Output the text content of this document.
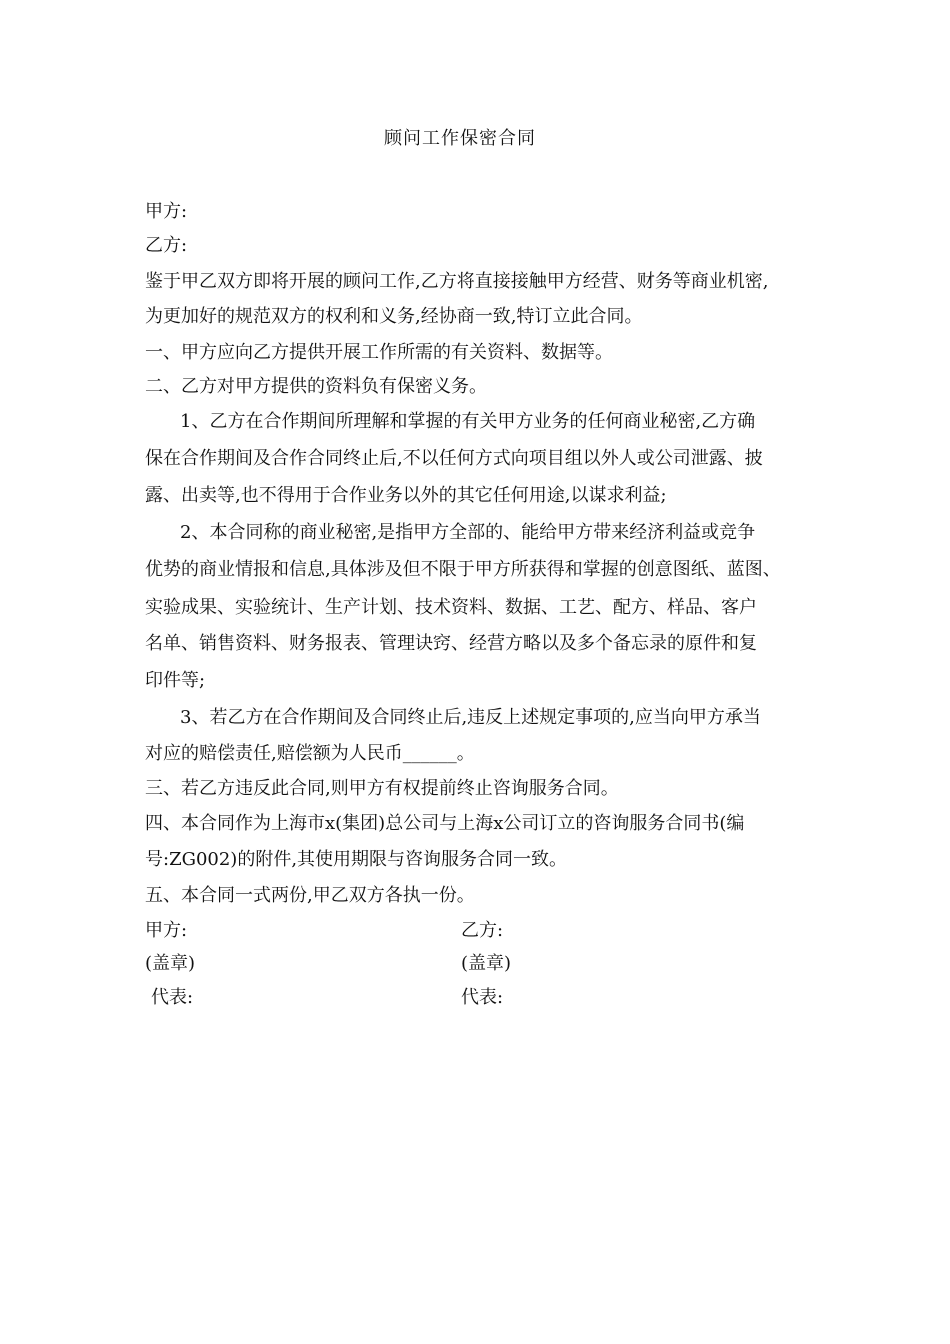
顾问工作保密合同
甲方:
乙方:
鉴于甲乙双方即将开展的顾问工作,乙方将直接接触甲方经营、财务等商业机密,
为更加好的规范双方的权利和义务,经协商一致,特订立此合同。
一、甲方应向乙方提供开展工作所需的有关资料、数据等。
二、乙方对甲方提供的资料负有保密义务。
1、乙方在合作期间所理解和掌握的有关甲方业务的任何商业秘密,乙方确
保在合作期间及合作合同终止后,不以任何方式向项目组以外人或公司泄露、披
露、出卖等,也不得用于合作业务以外的其它任何用途,以谋求利益;
2、本合同称的商业秘密,是指甲方全部的、能给甲方带来经济利益或竞争
优势的商业情报和信息,具体涉及但不限于甲方所获得和掌握的创意图纸、蓝图、
实验成果、实验统计、生产计划、技术资料、数据、工艺、配方、样品、客户
名单、销售资料、财务报表、管理诀窍、经营方略以及多个备忘录的原件和复
印件等;
3、若乙方在合作期间及合同终止后,违反上述规定事项的,应当向甲方承当
对应的赔偿责任,赔偿额为人民币______。
三、若乙方违反此合同,则甲方有权提前终止咨询服务合同。
四、本合同作为上海市x(集团)总公司与上海x公司订立的咨询服务合同书(编
号:ZG002)的附件,其使用期限与咨询服务合同一致。
五、本合同一式两份,甲乙双方各执一份。
甲方:	乙方:
(盖章)	(盖章)
代表:	代表:
